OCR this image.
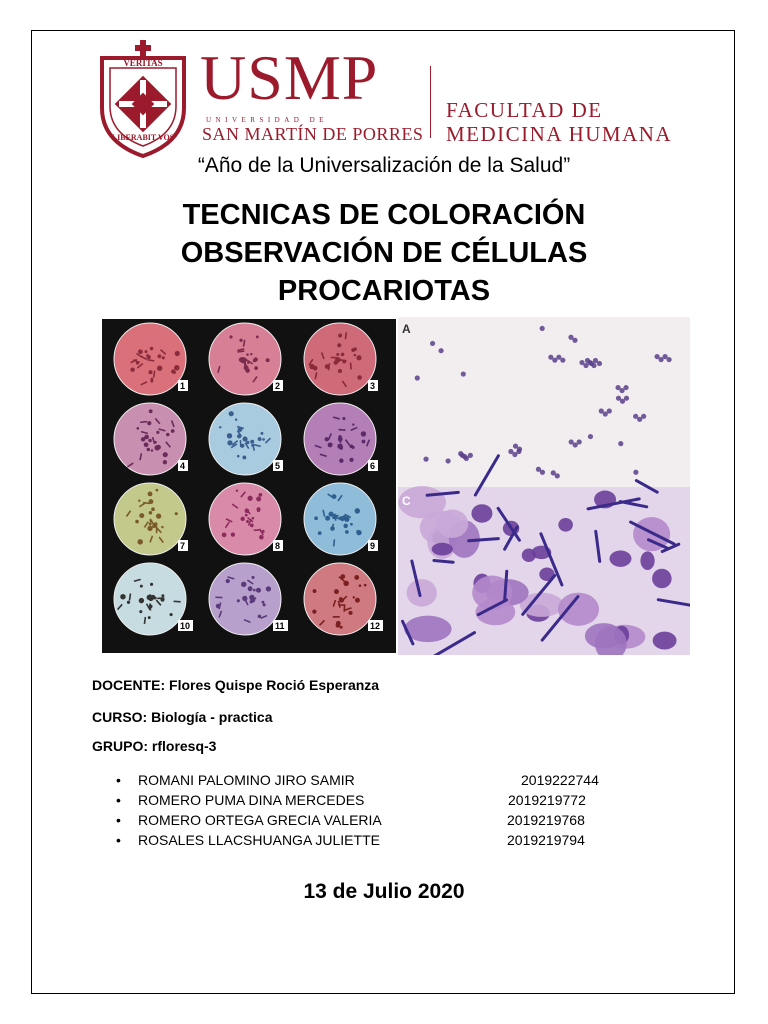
VERITAS
LIBERABIT VOS
USMP
UNIVERSIDAD DE
SAN MARTÍN DE PORRES
FACULTAD DE
MEDICINA HUMANA
“Año de la Universalización de la Salud”
TECNICAS DE COLORACIÓN
OBSERVACIÓN DE CÉLULAS
PROCARIOTAS
1	2	3
4	5	6
7	8	9
10	11	12
A
C
DOCENTE: Flores Quispe Roció Esperanza
CURSO: Biología - practica
GRUPO: rfloresq-3
• ROMANI PALOMINO JIRO SAMIR	2019222744
• ROMERO PUMA DINA MERCEDES	2019219772
• ROMERO ORTEGA GRECIA VALERIA	2019219768
• ROSALES LLACSHUANGA JULIETTE	2019219794
13 de Julio 2020
